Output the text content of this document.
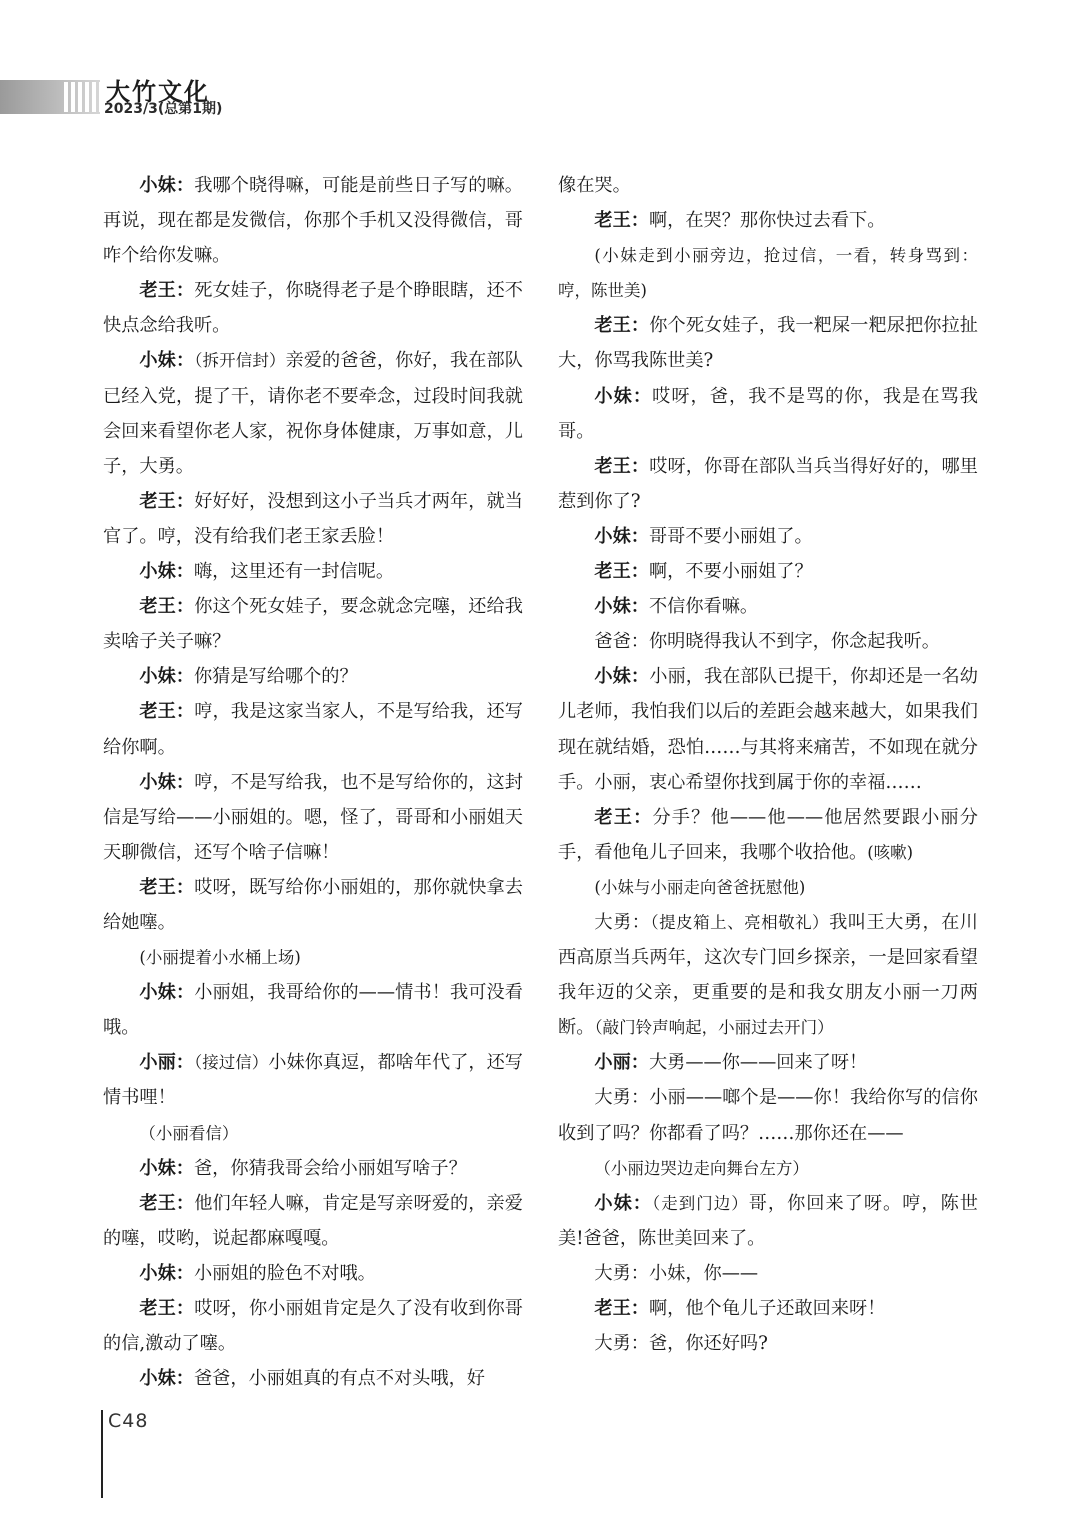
大竹文化
2023/3(总第1期)

小妹：我哪个晓得嘛，可能是前些日子写的嘛。再说，现在都是发微信，你那个手机又没得微信，哥咋个给你发嘛。

老王：死女娃子，你晓得老子是个睁眼瞎，还不快点念给我听。

小妹：（拆开信封）亲爱的爸爸，你好，我在部队已经入党，提了干，请你老不要牵念，过段时间我就会回来看望你老人家，祝你身体健康，万事如意，儿子，大勇。

老王：好好好，没想到这小子当兵才两年，就当官了。哼，没有给我们老王家丢脸！

小妹：嗨，这里还有一封信呢。

老王：你这个死女娃子，要念就念完噻，还给我卖啥子关子嘛？

小妹：你猜是写给哪个的？

老王：哼，我是这家当家人，不是写给我，还写给你啊。

小妹：哼，不是写给我，也不是写给你的，这封信是写给——小丽姐的。嗯，怪了，哥哥和小丽姐天天聊微信，还写个啥子信嘛！

老王：哎呀，既写给你小丽姐的，那你就快拿去给她噻。

(小丽提着小水桶上场)

小妹：小丽姐，我哥给你的——情书！我可没看哦。

小丽：（接过信）小妹你真逗，都啥年代了，还写情书哩！

（小丽看信）

小妹：爸，你猜我哥会给小丽姐写啥子？

老王：他们年轻人嘛，肯定是写亲呀爱的，亲爱的噻，哎哟，说起都麻嘎嘎。

小妹：小丽姐的脸色不对哦。

老王：哎呀，你小丽姐肯定是久了没有收到你哥的信,激动了噻。

小妹：爸爸，小丽姐真的有点不对头哦，好

像在哭。

老王：啊，在哭？那你快过去看下。

(小妹走到小丽旁边，抢过信，一看，转身骂到：哼，陈世美)

老王：你个死女娃子，我一粑屎一粑尿把你拉扯大，你骂我陈世美?

小妹：哎呀，爸，我不是骂的你，我是在骂我哥。

老王：哎呀，你哥在部队当兵当得好好的，哪里惹到你了?

小妹：哥哥不要小丽姐了。

老王：啊，不要小丽姐了？

小妹：不信你看嘛。

爸爸：你明晓得我认不到字，你念起我听。

小妹：小丽，我在部队已提干，你却还是一名幼儿老师，我怕我们以后的差距会越来越大，如果我们现在就结婚，恐怕……与其将来痛苦，不如现在就分手。小丽，衷心希望你找到属于你的幸福……

老王：分手？他——他——他居然要跟小丽分手，看他龟儿子回来，我哪个收拾他。(咳嗽)

(小妹与小丽走向爸爸抚慰他)

大勇：（提皮箱上、亮相敬礼）我叫王大勇，在川西高原当兵两年，这次专门回乡探亲，一是回家看望我年迈的父亲，更重要的是和我女朋友小丽一刀两断。（敲门铃声响起，小丽过去开门）

小丽：大勇——你——回来了呀！

大勇：小丽——啷个是——你！我给你写的信你收到了吗？你都看了吗？……那你还在——

（小丽边哭边走向舞台左方）

小妹：（走到门边）哥，你回来了呀。哼，陈世美!爸爸，陈世美回来了。

大勇：小妹，你——

老王：啊，他个龟儿子还敢回来呀！

大勇：爸，你还好吗?

C48
